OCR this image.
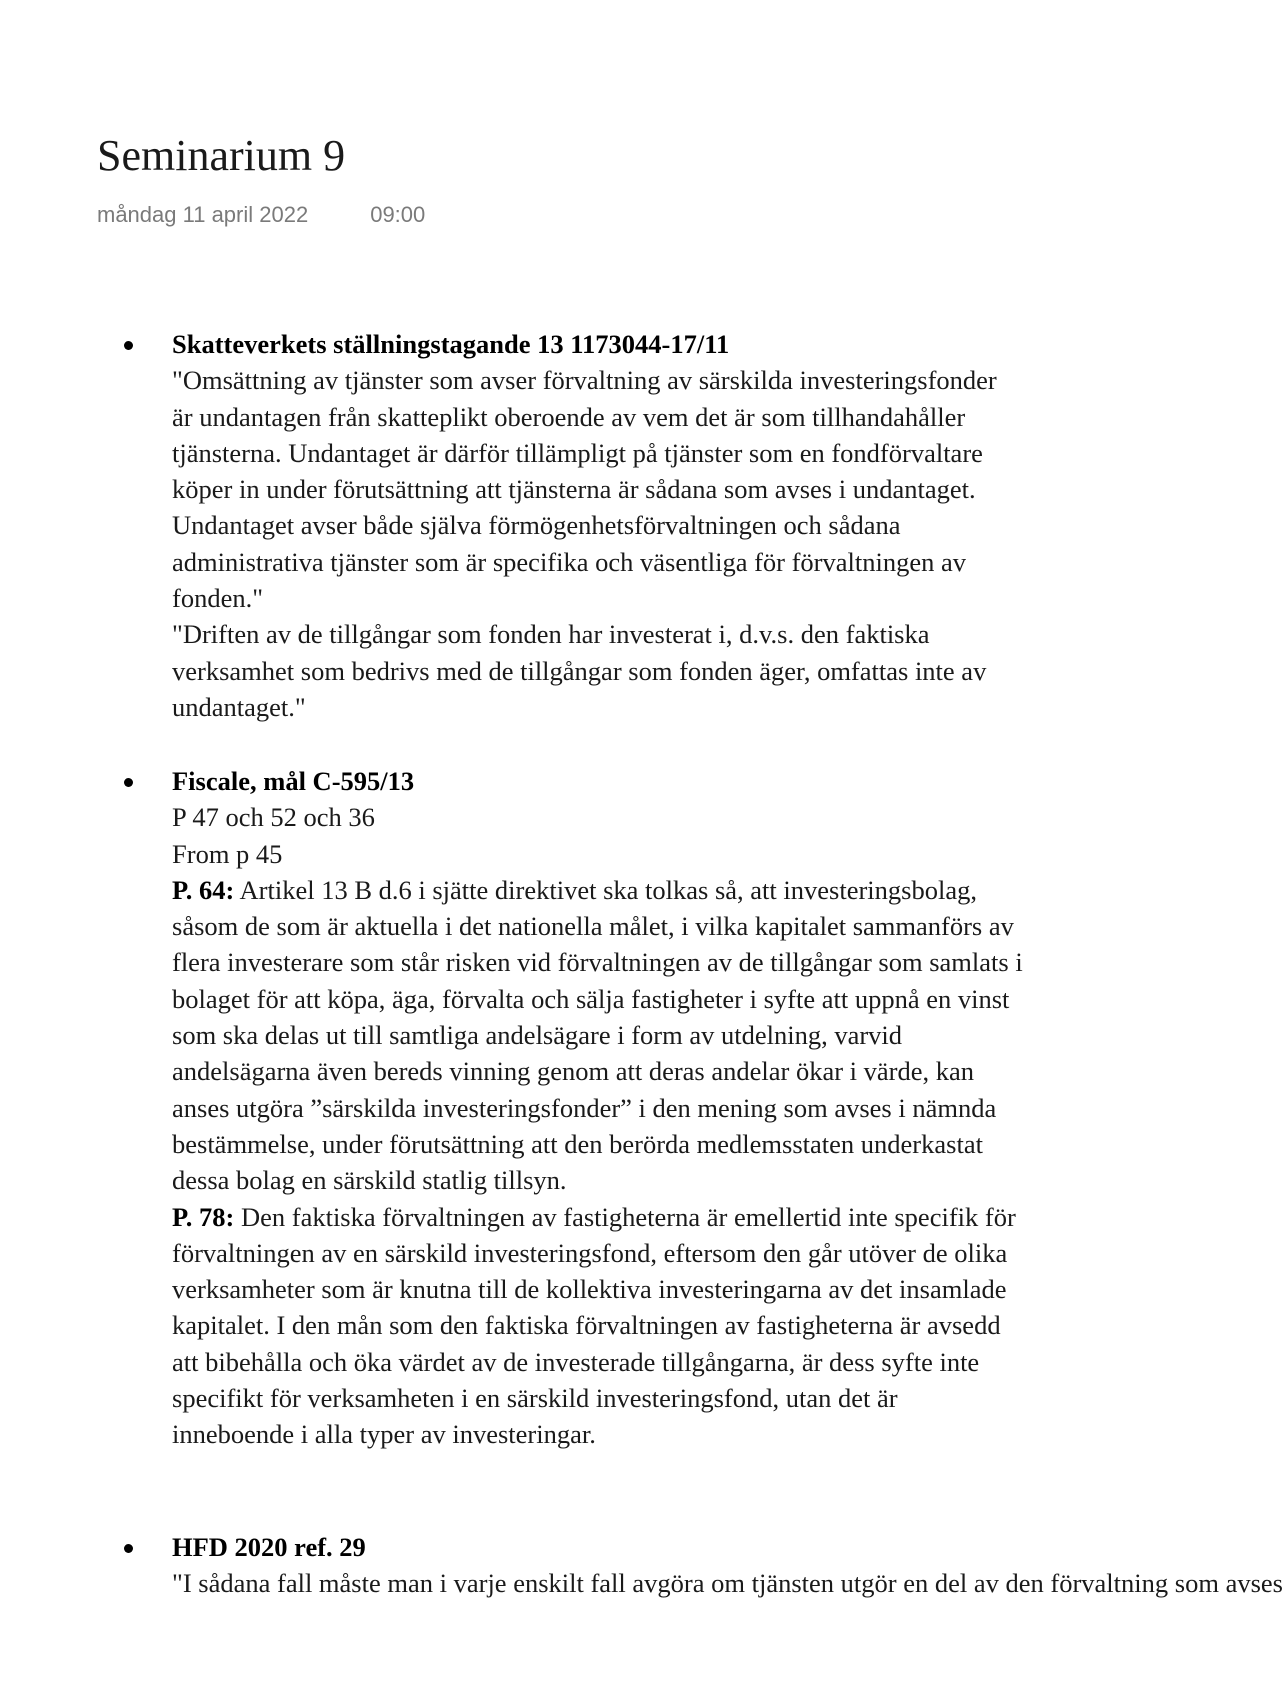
Seminarium 9
måndag 11 april 2022	09:00
Skatteverkets ställningstagande 13 1173044-17/11
"Omsättning av tjänster som avser förvaltning av särskilda investeringsfonder
är undantagen från skatteplikt oberoende av vem det är som tillhandahåller
tjänsterna. Undantaget är därför tillämpligt på tjänster som en fondförvaltare
köper in under förutsättning att tjänsterna är sådana som avses i undantaget.
Undantaget avser både själva förmögenhetsförvaltningen och sådana
administrativa tjänster som är specifika och väsentliga för förvaltningen av
fonden."
"Driften av de tillgångar som fonden har investerat i, d.v.s. den faktiska
verksamhet som bedrivs med de tillgångar som fonden äger, omfattas inte av
undantaget."
Fiscale, mål C-595/13
P 47 och 52 och 36
From p 45
P. 64: Artikel 13 B d.6 i sjätte direktivet ska tolkas så, att investeringsbolag,
såsom de som är aktuella i det nationella målet, i vilka kapitalet sammanförs av
flera investerare som står risken vid förvaltningen av de tillgångar som samlats i
bolaget för att köpa, äga, förvalta och sälja fastigheter i syfte att uppnå en vinst
som ska delas ut till samtliga andelsägare i form av utdelning, varvid
andelsägarna även bereds vinning genom att deras andelar ökar i värde, kan
anses utgöra ”särskilda investeringsfonder” i den mening som avses i nämnda
bestämmelse, under förutsättning att den berörda medlemsstaten underkastat
dessa bolag en särskild statlig tillsyn.
P. 78: Den faktiska förvaltningen av fastigheterna är emellertid inte specifik för
förvaltningen av en särskild investeringsfond, eftersom den går utöver de olika
verksamheter som är knutna till de kollektiva investeringarna av det insamlade
kapitalet. I den mån som den faktiska förvaltningen av fastigheterna är avsedd
att bibehålla och öka värdet av de investerade tillgångarna, är dess syfte inte
specifikt för verksamheten i en särskild investeringsfond, utan det är
inneboende i alla typer av investeringar.
HFD 2020 ref. 29
"I sådana fall måste man i varje enskilt fall avgöra om tjänsten utgör en del av den förvaltning som avses
